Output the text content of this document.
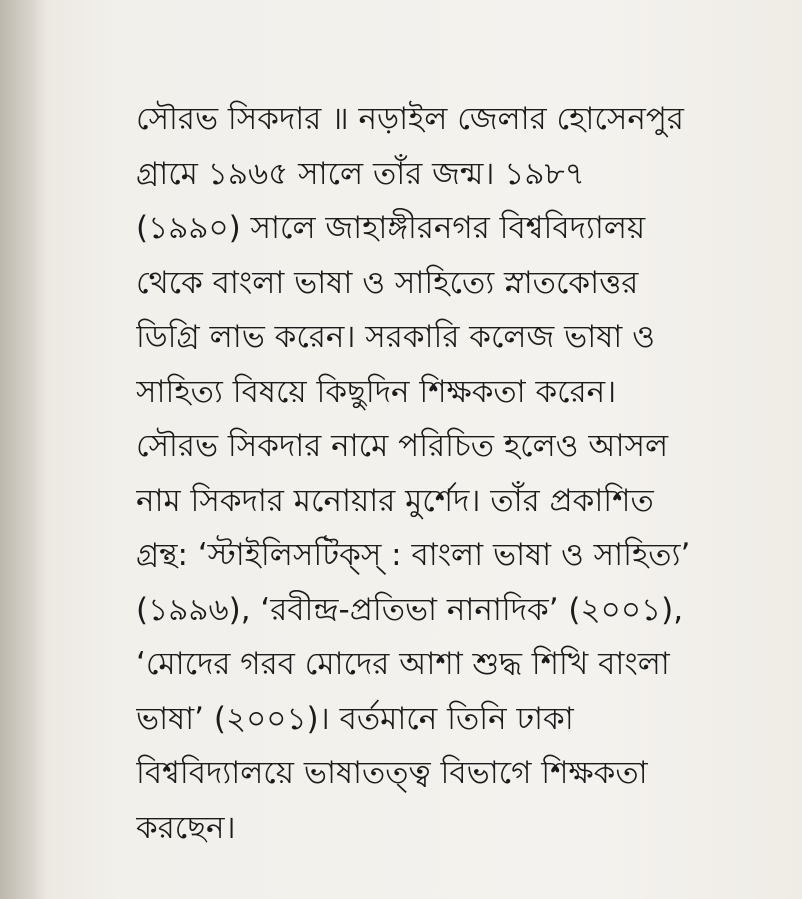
সৌরভ সিকদার ॥ নড়াইল জেলার হোসেনপুর
গ্রামে ১৯৬৫ সালে তাঁর জন্ম। ১৯৮৭
(১৯৯০) সালে জাহাঙ্গীরনগর বিশ্ববিদ্যালয়
থেকে বাংলা ভাষা ও সাহিত্যে স্নাতকোত্তর
ডিগ্রি লাভ করেন। সরকারি কলেজ ভাষা ও
সাহিত্য বিষয়ে কিছুদিন শিক্ষকতা করেন।
সৌরভ সিকদার নামে পরিচিত হলেও আসল
নাম সিকদার মনোয়ার মুর্শেদ। তাঁর প্রকাশিত
গ্রন্থ: ‘স্টাইলিসটিক্স্ : বাংলা ভাষা ও সাহিত্য’
(১৯৯৬), ‘রবীন্দ্র-প্রতিভা নানাদিক’ (২০০১),
‘মোদের গরব মোদের আশা শুদ্ধ শিখি বাংলা
ভাষা’ (২০০১)। বর্তমানে তিনি ঢাকা
বিশ্ববিদ্যালয়ে ভাষাতত্ত্ব বিভাগে শিক্ষকতা
করছেন।
